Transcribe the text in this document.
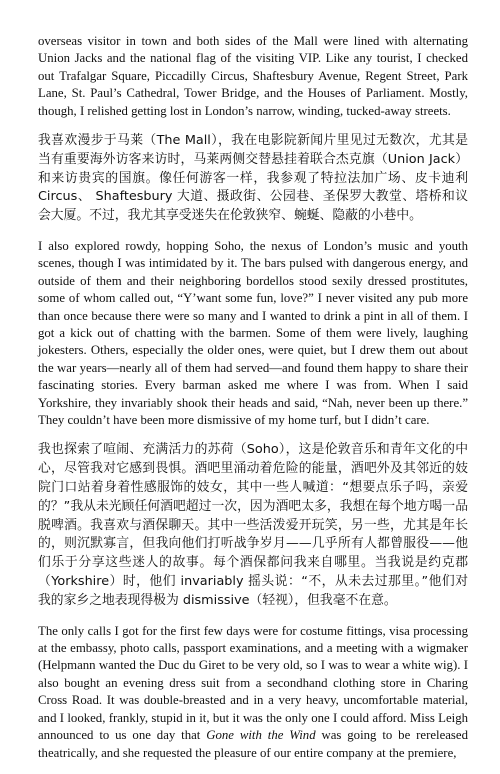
overseas visitor in town and both sides of the Mall were lined with alternating Union Jacks and the national flag of the visiting VIP. Like any tourist, I checked out Trafalgar Square, Piccadilly Circus, Shaftesbury Avenue, Regent Street, Park Lane, St. Paul’s Cathedral, Tower Bridge, and the Houses of Parliament. Mostly, though, I relished getting lost in London’s narrow, winding, tucked-away streets.

我喜欢漫步于马莱（The Mall），我在电影院新闻片里见过无数次，尤其是当有重要海外访客来访时，马莱两侧交替悬挂着联合杰克旗（Union Jack）和来访贵宾的国旗。像任何游客一样，我参观了特拉法加广场、皮卡迪利Circus、 Shaftesbury 大道、摄政街、公园巷、圣保罗大教堂、塔桥和议会大厦。不过，我尤其享受迷失在伦敦狭窄、蜿蜒、隐蔽的小巷中。

I also explored rowdy, hopping Soho, the nexus of London’s music and youth scenes, though I was intimidated by it. The bars pulsed with dangerous energy, and outside of them and their neighboring bordellos stood sexily dressed prostitutes, some of whom called out, “Y’want some fun, love?” I never visited any pub more than once because there were so many and I wanted to drink a pint in all of them. I got a kick out of chatting with the barmen. Some of them were lively, laughing jokesters. Others, especially the older ones, were quiet, but I drew them out about the war years—nearly all of them had served—and found them happy to share their fascinating stories. Every barman asked me where I was from. When I said Yorkshire, they invariably shook their heads and said, “Nah, never been up there.” They couldn’t have been more dismissive of my home turf, but I didn’t care.

我也探索了喧闹、充满活力的苏荷（Soho），这是伦敦音乐和青年文化的中心，尽管我对它感到畏惧。酒吧里涌动着危险的能量，酒吧外及其邻近的妓院门口站着身着性感服饰的妓女，其中一些人喊道：“想要点乐子吗，亲爱的？”我从未光顾任何酒吧超过一次，因为酒吧太多，我想在每个地方喝一品脱啤酒。我喜欢与酒保聊天。其中一些活泼爱开玩笑，另一些，尤其是年长的，则沉默寡言，但我向他们打听战争岁月——几乎所有人都曾服役——他们乐于分享这些迷人的故事。每个酒保都问我来自哪里。当我说是约克郡（Yorkshire）时，他们 invariably 摇头说：“不，从未去过那里。”他们对我的家乡之地表现得极为 dismissive（轻视），但我毫不在意。

The only calls I got for the first few days were for costume fittings, visa processing at the embassy, photo calls, passport examinations, and a meeting with a wigmaker (Helpmann wanted the Duc du Giret to be very old, so I was to wear a white wig). I also bought an evening dress suit from a secondhand clothing store in Charing Cross Road. It was double-breasted and in a very heavy, uncomfortable material, and I looked, frankly, stupid in it, but it was the only one I could afford. Miss Leigh announced to us one day that Gone with the Wind was going to be rereleased theatrically, and she requested the pleasure of our entire company at the premiere,
